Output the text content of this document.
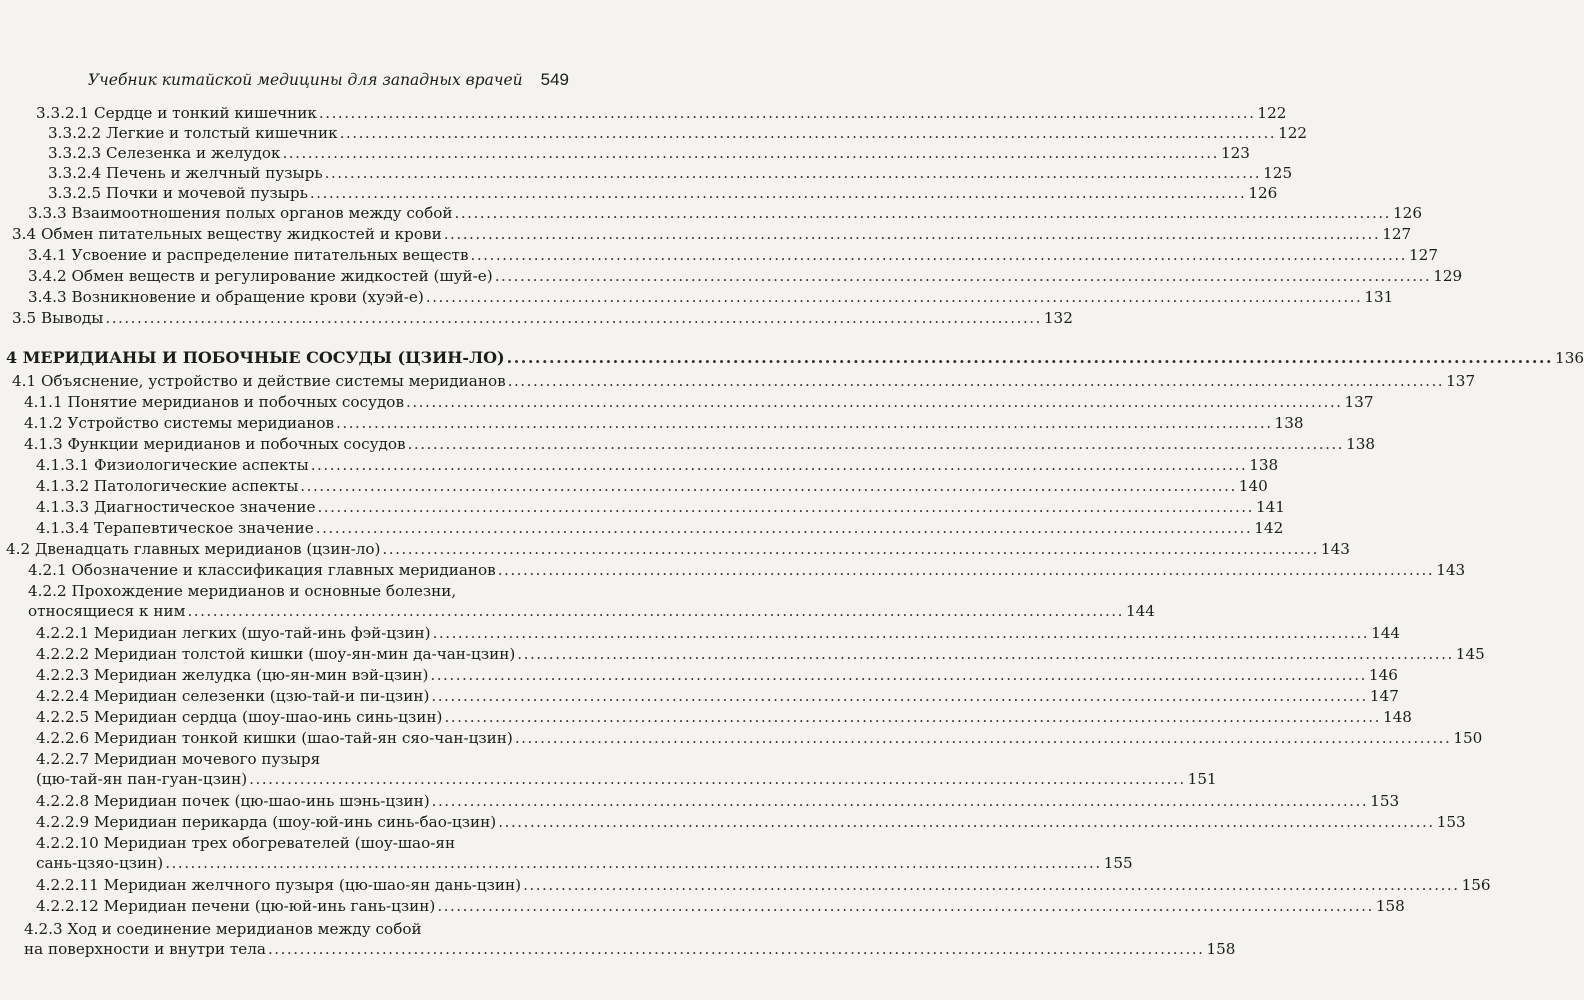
Учебник китайской медицины для западных врачей 549
3.3.2.1 Сердце и тонкий кишечник .................................................................................................................................................... 122
3.3.2.2 Легкие и толстый кишечник .................................................................................................................................................... 122
3.3.2.3 Селезенка и желудок .................................................................................................................................................... 123
3.3.2.4 Печень и желчный пузырь .................................................................................................................................................... 125
3.3.2.5 Почки и мочевой пузырь .................................................................................................................................................... 126
3.3.3 Взаимоотношения полых органов между собой .................................................................................................................................................... 126
3.4 Обмен питательных веществу жидкостей и крови .................................................................................................................................................... 127
3.4.1 Усвоение и распределение питательных веществ .................................................................................................................................................... 127
3.4.2 Обмен веществ и регулирование жидкостей (шуй-е) .................................................................................................................................................... 129
3.4.3 Возникновение и обращение крови (хуэй-е) .................................................................................................................................................... 131
3.5 Выводы .................................................................................................................................................... 132
4 МЕРИДИАНЫ И ПОБОЧНЫЕ СОСУДЫ (ЦЗИН-ЛО) .................................................................................................................................................... 136
4.1 Объяснение, устройство и действие системы меридианов .................................................................................................................................................... 137
4.1.1 Понятие меридианов и побочных сосудов .................................................................................................................................................... 137
4.1.2 Устройство системы меридианов .................................................................................................................................................... 138
4.1.3 Функции меридианов и побочных сосудов .................................................................................................................................................... 138
4.1.3.1 Физиологические аспекты .................................................................................................................................................... 138
4.1.3.2 Патологические аспекты .................................................................................................................................................... 140
4.1.3.3 Диагностическое значение .................................................................................................................................................... 141
4.1.3.4 Терапевтическое значение .................................................................................................................................................... 142
4.2 Двенадцать главных меридианов (цзин-ло) .................................................................................................................................................... 143
4.2.1 Обозначение и классификация главных меридианов .................................................................................................................................................... 143
4.2.2 Прохождение меридианов и основные болезни,
относящиеся к ним .................................................................................................................................................... 144
4.2.2.1 Меридиан легких (шуо-тай-инь фэй-цзин) .................................................................................................................................................... 144
4.2.2.2 Меридиан толстой кишки (шоу-ян-мин да-чан-цзин) .................................................................................................................................................... 145
4.2.2.3 Меридиан желудка (цю-ян-мин вэй-цзин) .................................................................................................................................................... 146
4.2.2.4 Меридиан селезенки (цзю-тай-и пи-цзин) .................................................................................................................................................... 147
4.2.2.5 Меридиан сердца (шоу-шао-инь синь-цзин) .................................................................................................................................................... 148
4.2.2.6 Меридиан тонкой кишки (шао-тай-ян сяо-чан-цзин) .................................................................................................................................................... 150
4.2.2.7 Меридиан мочевого пузыря
(цю-тай-ян пан-гуан-цзин) .................................................................................................................................................... 151
4.2.2.8 Меридиан почек (цю-шао-инь шэнь-цзин) .................................................................................................................................................... 153
4.2.2.9 Меридиан перикарда (шоу-юй-инь синь-бао-цзин) .................................................................................................................................................... 153
4.2.2.10 Меридиан трех обогревателей (шоу-шао-ян
сань-цзяо-цзин) .................................................................................................................................................... 155
4.2.2.11 Меридиан желчного пузыря (цю-шао-ян дань-цзин) .................................................................................................................................................... 156
4.2.2.12 Меридиан печени (цю-юй-инь гань-цзин) .................................................................................................................................................... 158
4.2.3 Ход и соединение меридианов между собой
на поверхности и внутри тела .................................................................................................................................................... 158
